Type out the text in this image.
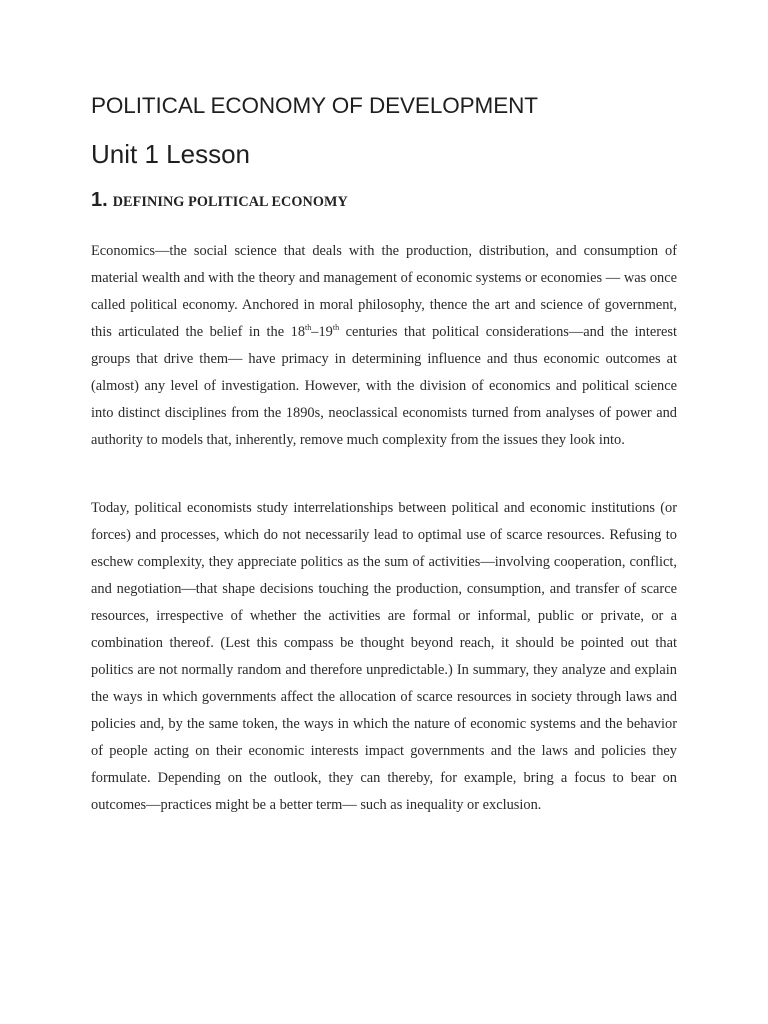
POLITICAL ECONOMY OF DEVELOPMENT
Unit 1 Lesson
1. DEFINING POLITICAL ECONOMY

Economics—the social science that deals with the production, distribution, and consumption of material wealth and with the theory and management of economic systems or economies — was once called political economy. Anchored in moral philosophy, thence the art and science of government, this articulated the belief in the 18th–19th centuries that political considerations—and the interest groups that drive them— have primacy in determining influence and thus economic outcomes at (almost) any level of investigation. However, with the division of economics and political science into distinct disciplines from the 1890s, neoclassical economists turned from analyses of power and authority to models that, inherently, remove much complexity from the issues they look into.

Today, political economists study interrelationships between political and economic institutions (or forces) and processes, which do not necessarily lead to optimal use of scarce resources. Refusing to eschew complexity, they appreciate politics as the sum of activities—involving cooperation, conflict, and negotiation—that shape decisions touching the production, consumption, and transfer of scarce resources, irrespective of whether the activities are formal or informal, public or private, or a combination thereof. (Lest this compass be thought beyond reach, it should be pointed out that politics are not normally random and therefore unpredictable.) In summary, they analyze and explain the ways in which governments affect the allocation of scarce resources in society through laws and policies and, by the same token, the ways in which the nature of economic systems and the behavior of people acting on their economic interests impact governments and the laws and policies they formulate. Depending on the outlook, they can thereby, for example, bring a focus to bear on outcomes—practices might be a better term— such as inequality or exclusion.
